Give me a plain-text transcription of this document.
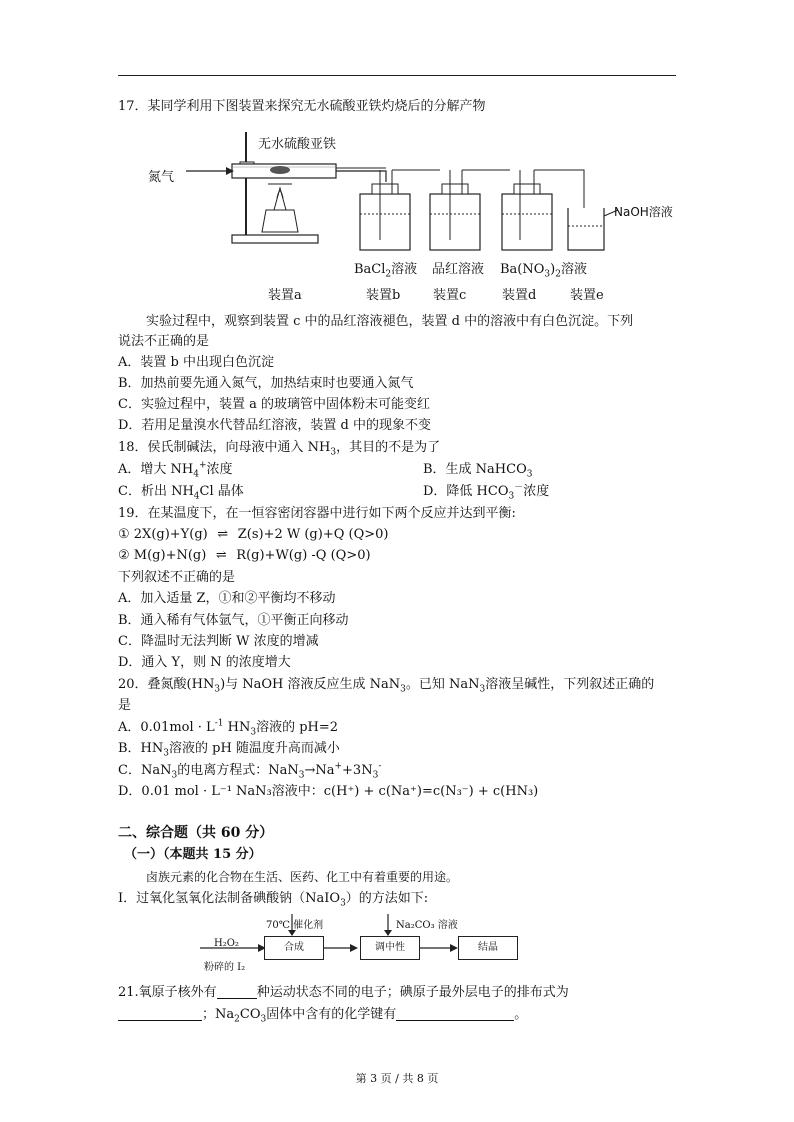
17．某同学利用下图装置来探究无水硫酸亚铁灼烧后的分解产物
氮气
无水硫酸亚铁
NaOH溶液
BaCl$_2$溶液 品红溶液 $Ba(NO_3)_2$溶液
装置a	装置b	装置c	装置d	装置e
实验过程中，观察到装置 c 中的品红溶液褪色，装置 d 中的溶液中有白色沉淀。下列
说法不正确的是
A．装置 b 中出现白色沉淀
B．加热前要先通入氮气，加热结束时也要通入氮气
C．实验过程中，装置 a 的玻璃管中固体粉末可能变红
D．若用足量溴水代替品红溶液，装置 d 中的现象不变
18．侯氏制碱法，向母液中通入 $NH_3$，其目的不是为了
A．增大 $NH_4^+$浓度	B．生成 NaHCO$_3$
C．析出 $NH_4Cl$ 晶体	D．降低 $HCO_3^-$浓度
19．在某温度下，在一恒容密闭容器中进行如下两个反应并达到平衡:
① 2X(g)+Y(g) ⇌ Z(s)+2 W (g)+Q (Q>0)
② M(g)+N(g) ⇌ R(g)+W(g) -Q (Q>0)
下列叙述不正确的是
A．加入适量 Z，①和②平衡均不移动
B．通入稀有气体氩气，①平衡正向移动
C．降温时无法判断 W 浓度的增减
D．通入 Y，则 N 的浓度增大
20．叠氮酸$(HN_3)$与 NaOH 溶液反应生成 NaN$_3$。已知 NaN$_3$溶液呈碱性，下列叙述正确的
是
A．$0.01mol \cdot L^{-1}$ $HN_3$溶液的 pH=2
B．$HN_3$溶液的 pH 随温度升高而减小
C．NaN$_3$的电离方程式：$NaN_3\to Na^++3N_3^-$
D．0.01 mol · L⁻¹ NaN₃溶液中：c(H⁺) + c(Na⁺)=c(N₃⁻) + c(HN₃)
二、综合题（共 60 分）
（一）（本题共 15 分）
卤族元素的化合物在生活、医药、化工中有着重要的用途。
I．过氧化氢氧化法制备碘酸钠（NaIO$_3$）的方法如下:
H₂O₂
粉碎的 I₂
70℃ 催化剂	Na₂CO₃ 溶液
合成	调中性	结晶
21.氧原子核外有	种运动状态不同的电子；碘原子最外层电子的排布式为
；$Na_2CO_3$固体中含有的化学键有	。
第 3 页 / 共 8 页
